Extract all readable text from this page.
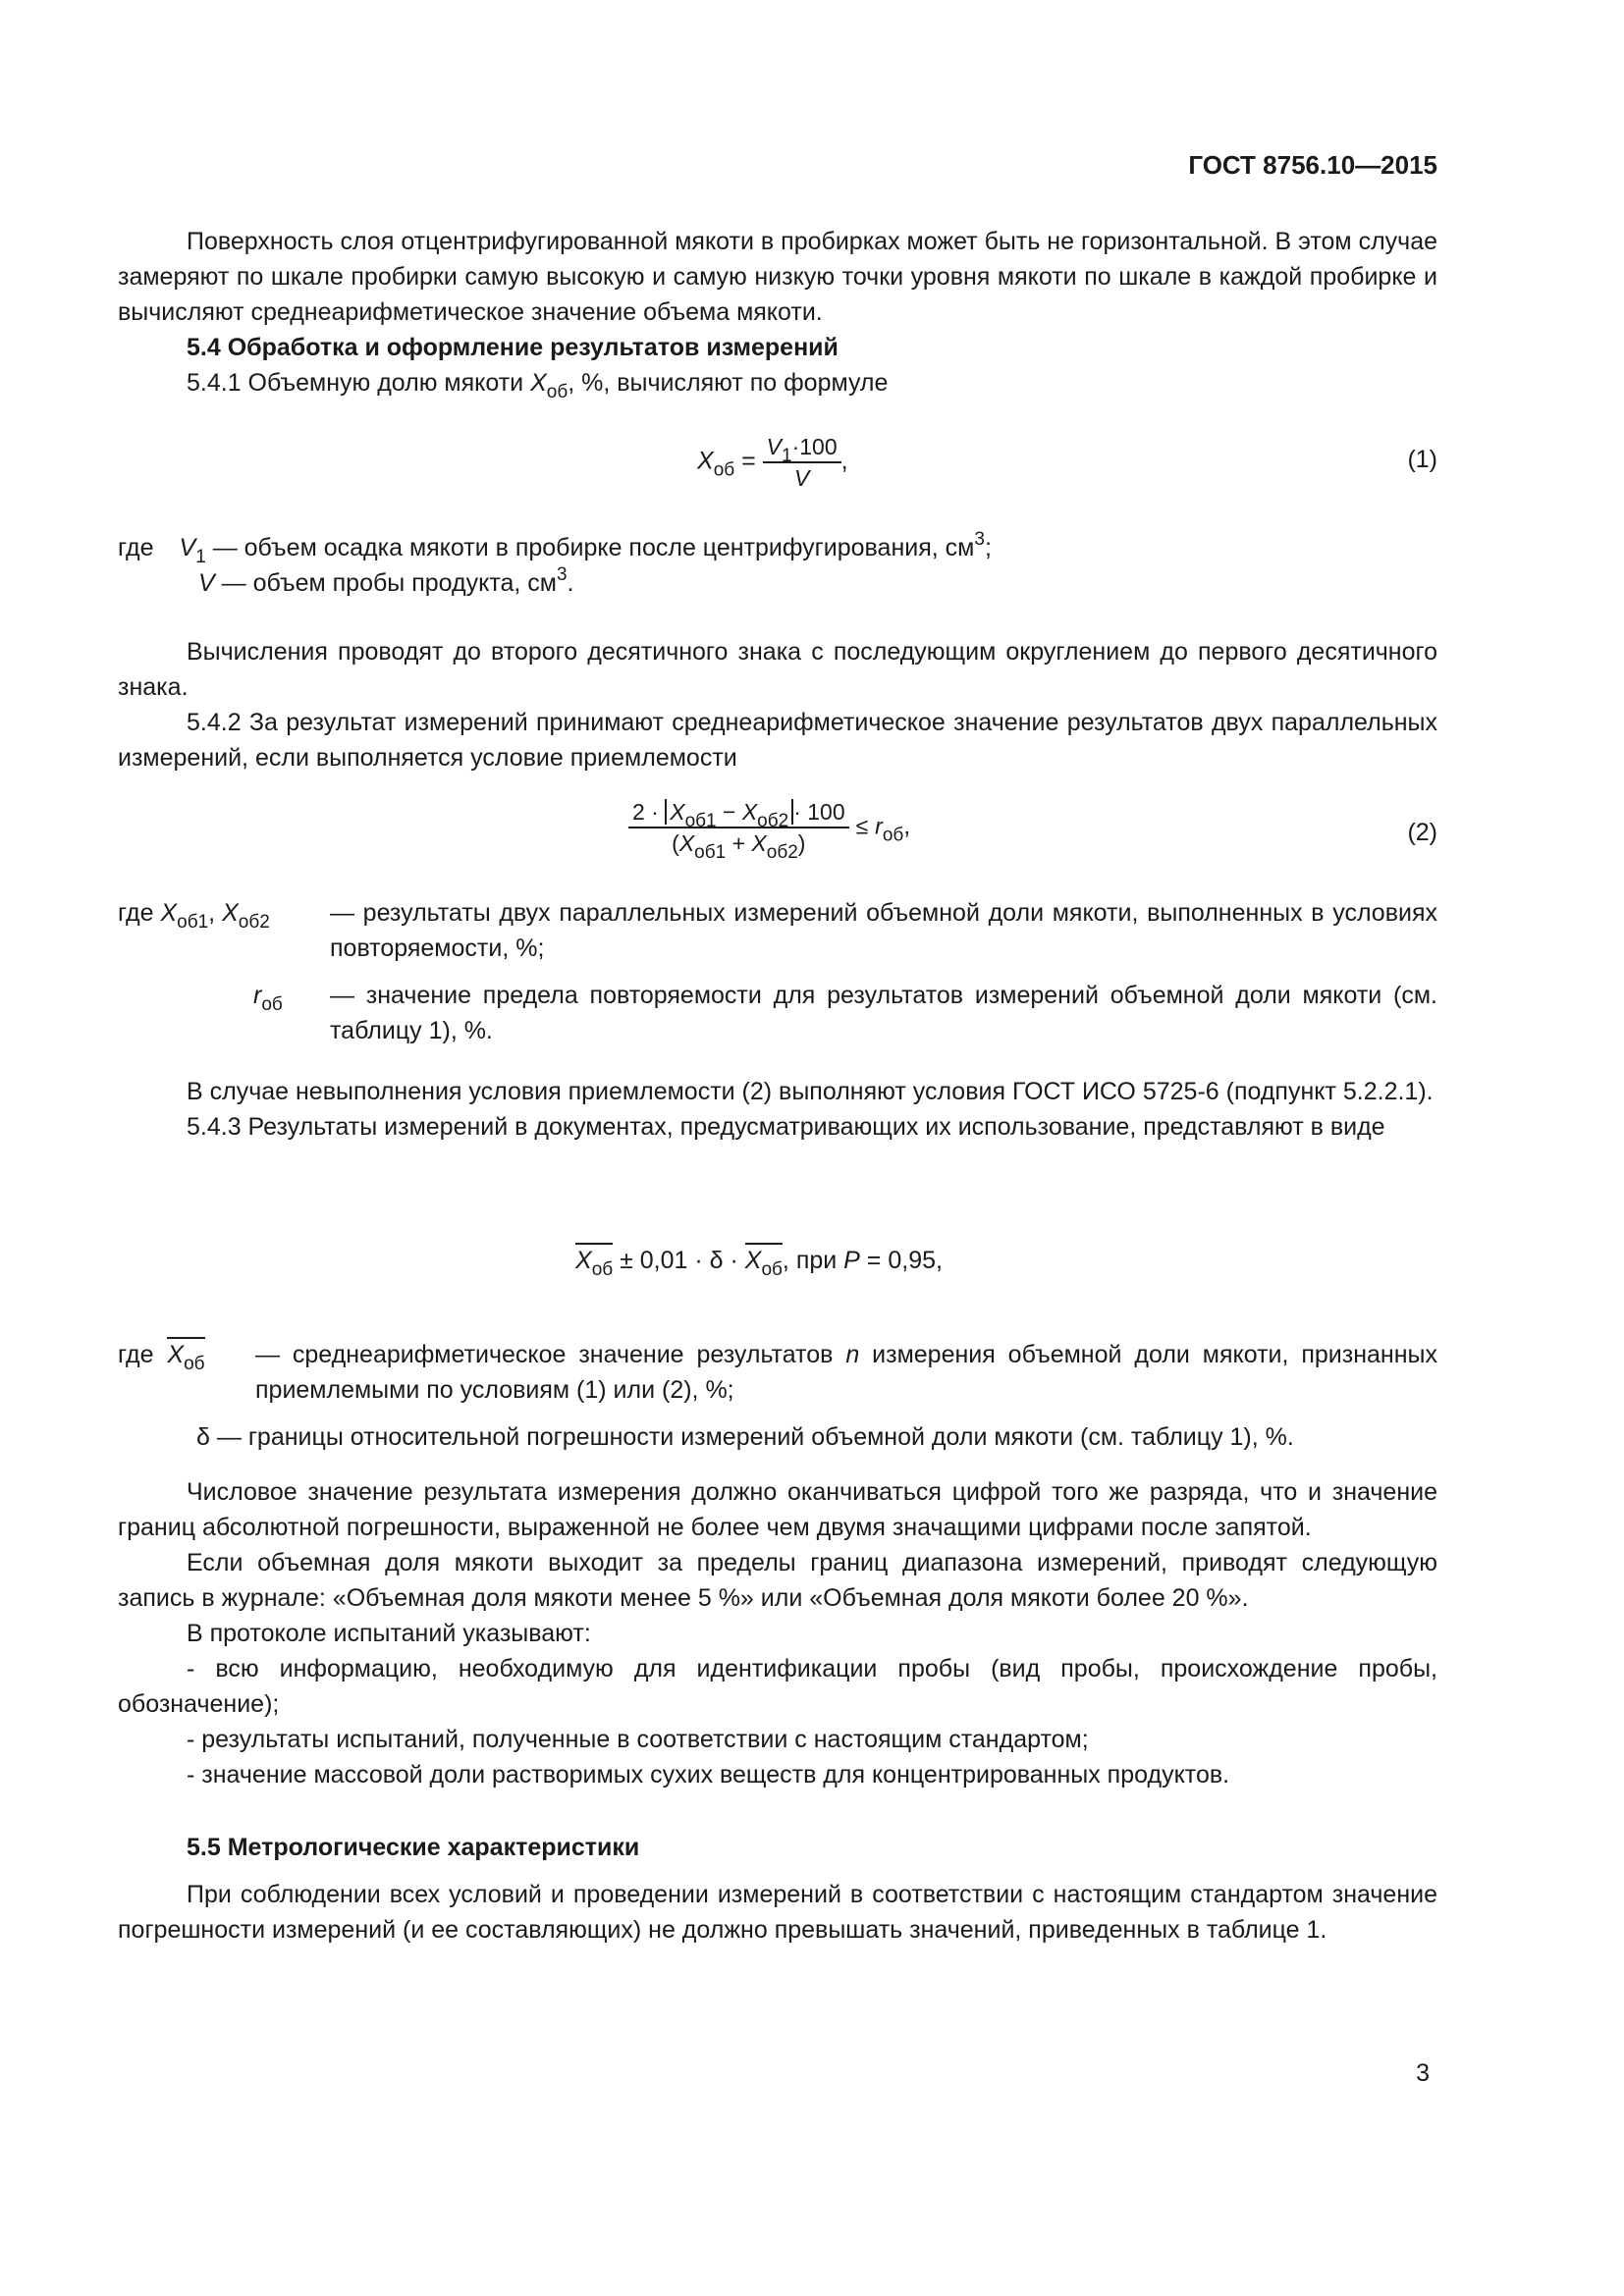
ГОСТ 8756.10—2015

Поверхность слоя отцентрифугированной мякоти в пробирках может быть не горизонтальной. В этом случае замеряют по шкале пробирки самую высокую и самую низкую точки уровня мякоти по шкале в каждой пробирке и вычисляют среднеарифметическое значение объема мякоти.

5.4 Обработка и оформление результатов измерений

5.4.1 Объемную долю мякоти $X_{об}$, %, вычисляют по формуле

$X_{об} = \frac{V_1\cdot 100}{V}$ ,	(1)

где $V_1$ — объем осадка мякоти в пробирке после центрифугирования, $см^3$;

V — объем пробы продукта, $см^3$.

Вычисления проводят до второго десятичного знака с последующим округлением до первого десятичного знака.

5.4.2 За результат измерений принимают среднеарифметическое значение результатов двух параллельных измерений, если выполняется условие приемлемости

$\frac{2 \cdot X_{об1} - X_{об2} \cdot 100}{(X_{об1} + X_{об2})} \le r_{об}$,	(2)
где $X_{об1}$, $X_{об2}$ — результаты двух параллельных измерений объемной доли мякоти, выполненных в условиях повторяемости, %;

$r_{об}$ — значение предела повторяемости для результатов измерений объемной доли мякоти (см. таблицу 1), %.

В случае невыполнения условия приемлемости (2) выполняют условия ГОСТ ИСО 5725-6 (подпункт 5.2.2.1).

5.4.3 Результаты измерений в документах, предусматривающих их использование, представляют в виде

$X_{об} \pm 0,01 \cdot \delta \cdot X_{об}$, при P = 0,95,
где $X_{об}$ — среднеарифметическое значение результатов n измерения объемной доли мякоти, признанных приемлемыми по условиям (1) или (2), %;

δ — границы относительной погрешности измерений объемной доли мякоти (см. таблицу 1), %.

Числовое значение результата измерения должно оканчиваться цифрой того же разряда, что и значение границ абсолютной погрешности, выраженной не более чем двумя значащими цифрами после запятой.

Если объемная доля мякоти выходит за пределы границ диапазона измерений, приводят следующую запись в журнале: «Объемная доля мякоти менее 5 %» или «Объемная доля мякоти более 20 %».

В протоколе испытаний указывают:

- всю информацию, необходимую для идентификации пробы (вид пробы, происхождение пробы, обозначение);

- результаты испытаний, полученные в соответствии с настоящим стандартом;

- значение массовой доли растворимых сухих веществ для концентрированных продуктов.

5.5 Метрологические характеристики

При соблюдении всех условий и проведении измерений в соответствии с настоящим стандартом значение погрешности измерений (и ее составляющих) не должно превышать значений, приведенных в таблице 1.

3
